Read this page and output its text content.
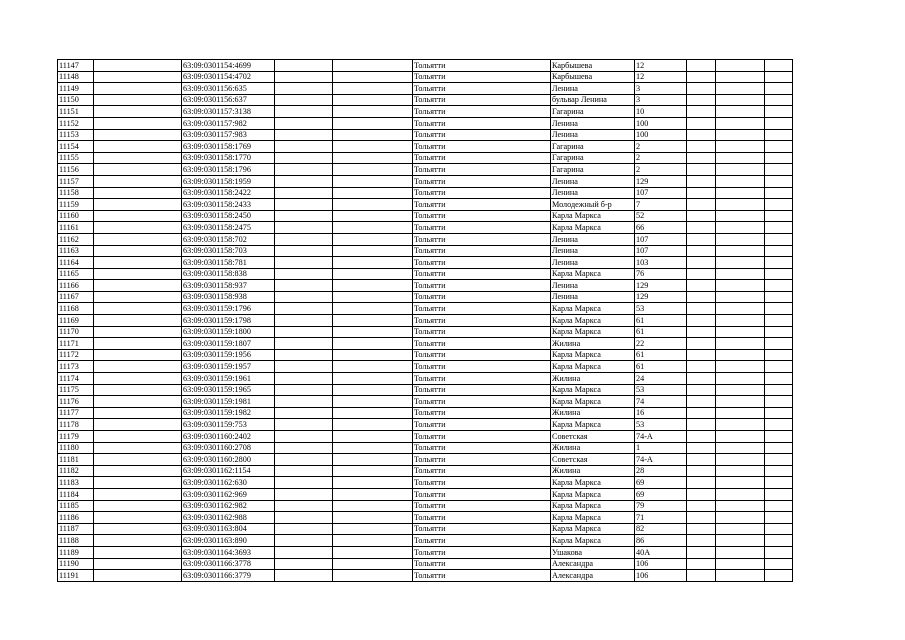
11147		63:09:0301154:4699			Тольятти	Карбышева	12			
11148		63:09:0301154:4702			Тольятти	Карбышева	12			
11149		63:09:0301156:635			Тольятти	Ленина	3			
11150		63:09:0301156:637			Тольятти	бульвар Ленина	3			
11151		63:09:0301157:3138			Тольятти	Гагарина	10			
11152		63:09:0301157:982			Тольятти	Ленина	100			
11153		63:09:0301157:983			Тольятти	Ленина	100			
11154		63:09:0301158:1769			Тольятти	Гагарина	2			
11155		63:09:0301158:1770			Тольятти	Гагарина	2			
11156		63:09:0301158:1796			Тольятти	Гагарина	2			
11157		63:09:0301158:1959			Тольятти	Ленина	129			
11158		63:09:0301158:2422			Тольятти	Ленина	107			
11159		63:09:0301158:2433			Тольятти	Молодежный б-р	7			
11160		63:09:0301158:2450			Тольятти	Карла Маркса	52			
11161		63:09:0301158:2475			Тольятти	Карла Маркса	66			
11162		63:09:0301158:702			Тольятти	Ленина	107			
11163		63:09:0301158:703			Тольятти	Ленина	107			
11164		63:09:0301158:781			Тольятти	Ленина	103			
11165		63:09:0301158:838			Тольятти	Карла Маркса	76			
11166		63:09:0301158:937			Тольятти	Ленина	129			
11167		63:09:0301158:938			Тольятти	Ленина	129			
11168		63:09:0301159:1796			Тольятти	Карла Маркса	53			
11169		63:09:0301159:1798			Тольятти	Карла Маркса	61			
11170		63:09:0301159:1800			Тольятти	Карла Маркса	61			
11171		63:09:0301159:1807			Тольятти	Жилина	22			
11172		63:09:0301159:1956			Тольятти	Карла Маркса	61			
11173		63:09:0301159:1957			Тольятти	Карла Маркса	61			
11174		63:09:0301159:1961			Тольятти	Жилина	24			
11175		63:09:0301159:1965			Тольятти	Карла Маркса	53			
11176		63:09:0301159:1981			Тольятти	Карла Маркса	74			
11177		63:09:0301159:1982			Тольятти	Жилина	16			
11178		63:09:0301159:753			Тольятти	Карла Маркса	53			
11179		63:09:0301160:2402			Тольятти	Советская	74-А			
11180		63:09:0301160:2708			Тольятти	Жилина	1			
11181		63:09:0301160:2800			Тольятти	Советская	74-А			
11182		63:09:0301162:1154			Тольятти	Жилина	28			
11183		63:09:0301162:630			Тольятти	Карла Маркса	69			
11184		63:09:0301162:969			Тольятти	Карла Маркса	69			
11185		63:09:0301162:982			Тольятти	Карла Маркса	79			
11186		63:09:0301162:988			Тольятти	Карла Маркса	71			
11187		63:09:0301163:804			Тольятти	Карла Маркса	82			
11188		63:09:0301163:890			Тольятти	Карла Маркса	86			
11189		63:09:0301164:3693			Тольятти	Ушакова	40А			
11190		63:09:0301166:3778			Тольятти	Александра	106			
11191		63:09:0301166:3779			Тольятти	Александра	106			
